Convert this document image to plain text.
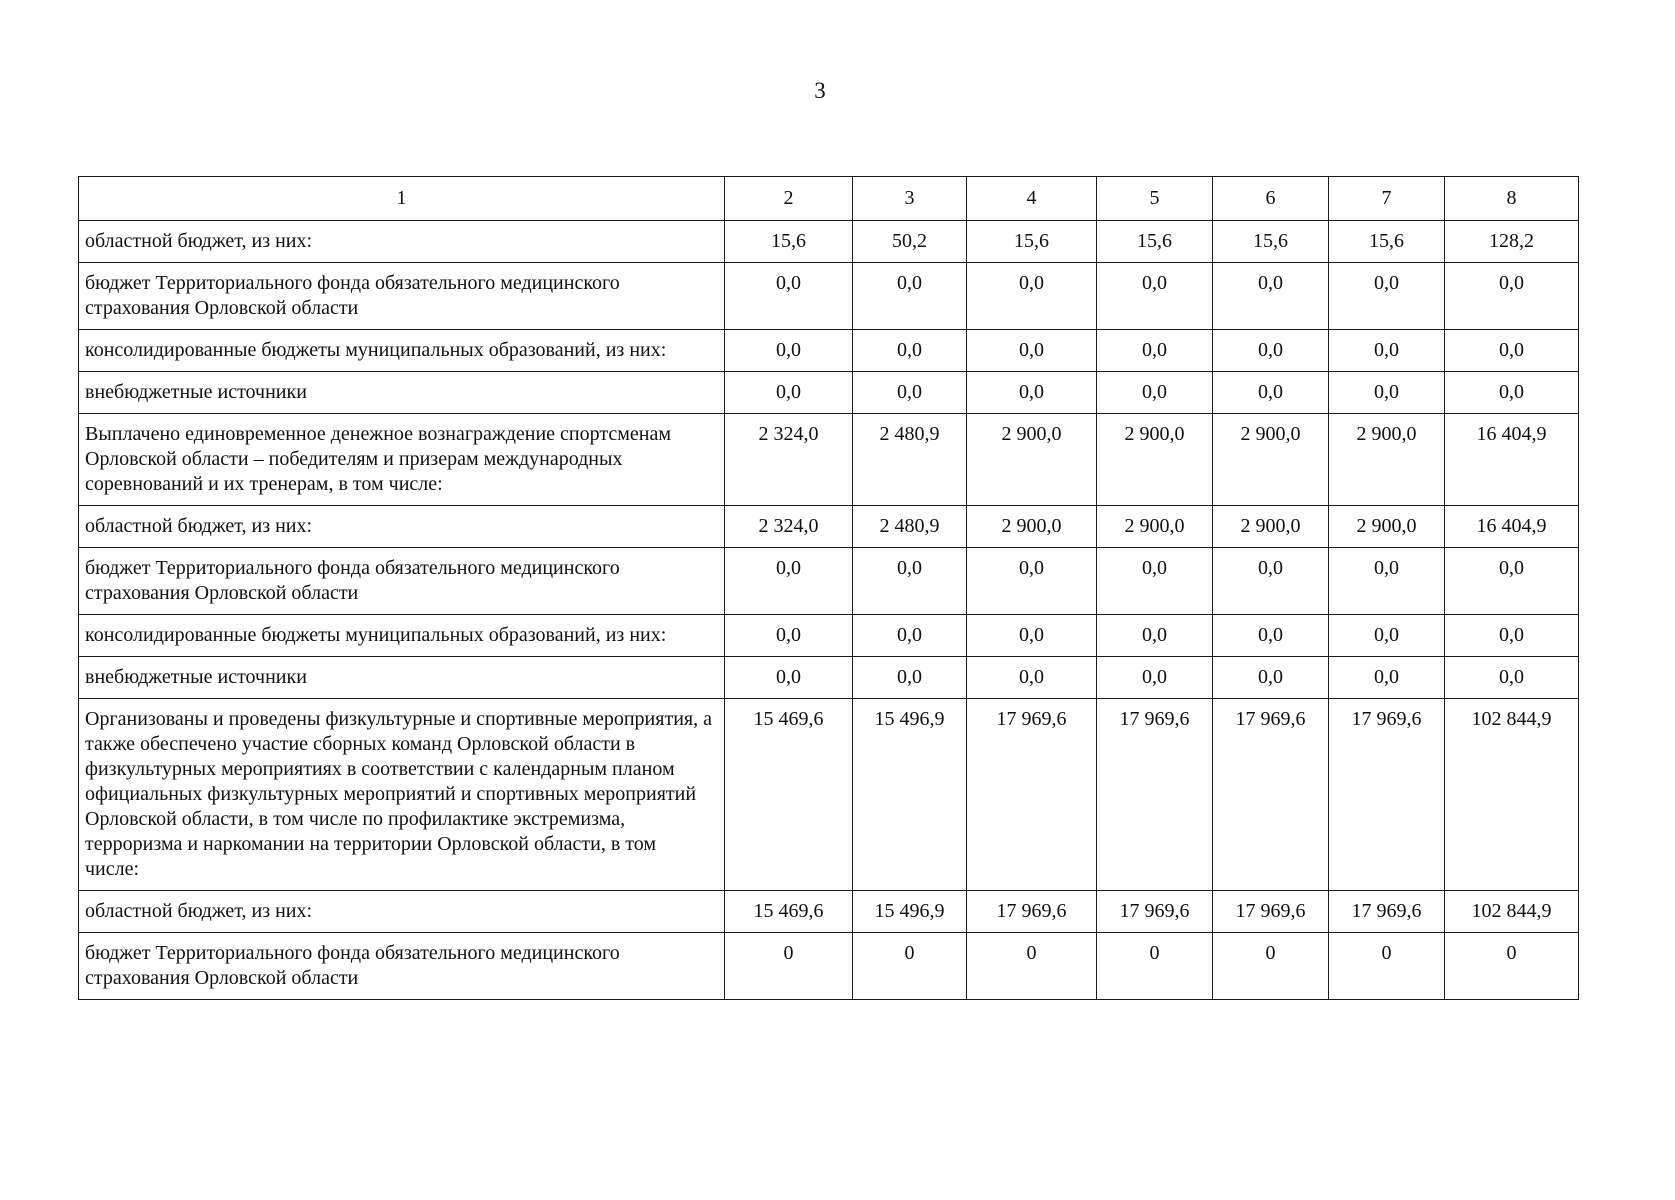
3
1	2	3	4	5	6	7	8
областной бюджет, из них:	15,6	50,2	15,6	15,6	15,6	15,6	128,2
бюджет Территориального фонда обязательного медицинского страхования Орловской области	0,0	0,0	0,0	0,0	0,0	0,0	0,0
консолидированные бюджеты муниципальных образований, из них:	0,0	0,0	0,0	0,0	0,0	0,0	0,0
внебюджетные источники	0,0	0,0	0,0	0,0	0,0	0,0	0,0
Выплачено единовременное денежное вознаграждение спортсменам Орловской области – победителям и призерам международных соревнований и их тренерам, в том числе:	2 324,0	2 480,9	2 900,0	2 900,0	2 900,0	2 900,0	16 404,9
областной бюджет, из них:	2 324,0	2 480,9	2 900,0	2 900,0	2 900,0	2 900,0	16 404,9
бюджет Территориального фонда обязательного медицинского страхования Орловской области	0,0	0,0	0,0	0,0	0,0	0,0	0,0
консолидированные бюджеты муниципальных образований, из них:	0,0	0,0	0,0	0,0	0,0	0,0	0,0
внебюджетные источники	0,0	0,0	0,0	0,0	0,0	0,0	0,0
Организованы и проведены физкультурные и спортивные мероприятия, а также обеспечено участие сборных команд Орловской области в физкультурных мероприятиях в соответствии с календарным планом официальных физкультурных мероприятий и спортивных мероприятий Орловской области, в том числе по профилактике экстремизма, терроризма и наркомании на территории Орловской области, в том числе:	15 469,6	15 496,9	17 969,6	17 969,6	17 969,6	17 969,6	102 844,9
областной бюджет, из них:	15 469,6	15 496,9	17 969,6	17 969,6	17 969,6	17 969,6	102 844,9
бюджет Территориального фонда обязательного медицинского страхования Орловской области	0	0	0	0	0	0	0
